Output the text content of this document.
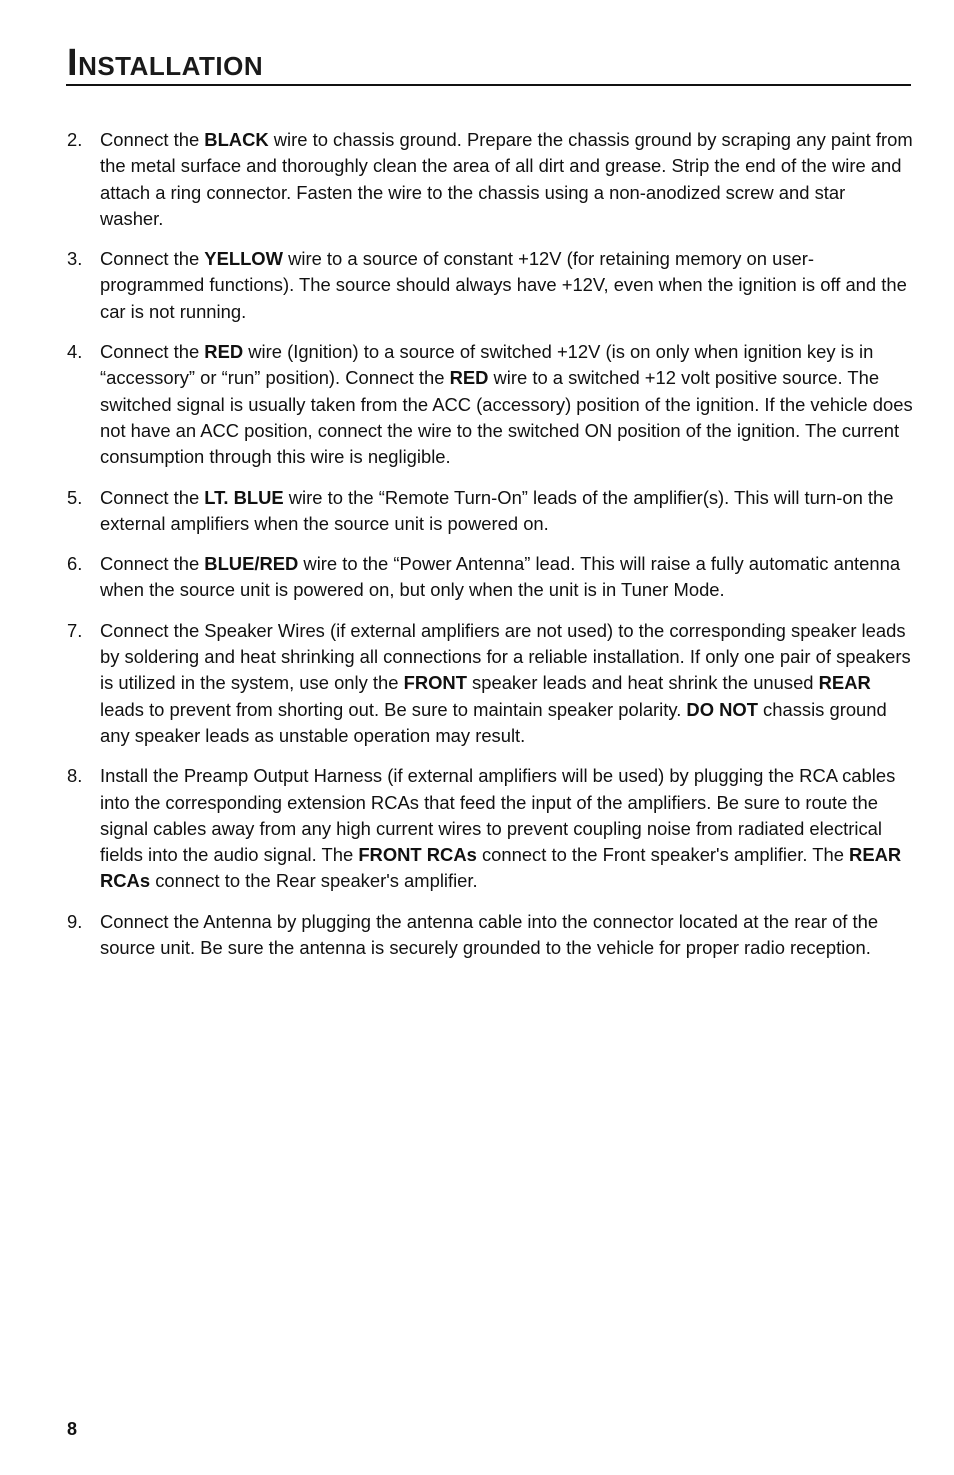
INSTALLATION
2. Connect the BLACK wire to chassis ground. Prepare the chassis ground by scraping any paint from the metal surface and thoroughly clean the area of all dirt and grease. Strip the end of the wire and attach a ring connector. Fasten the wire to the chassis using a non-anodized screw and star washer.
3. Connect the YELLOW wire to a source of constant +12V (for retaining memory on user-programmed functions). The source should always have +12V, even when the ignition is off and the car is not running.
4. Connect the RED wire (Ignition) to a source of switched +12V (is on only when ignition key is in “accessory” or “run” position). Connect the RED wire to a switched +12 volt positive source. The switched signal is usually taken from the ACC (accessory) position of the ignition. If the vehicle does not have an ACC position, connect the wire to the switched ON position of the ignition. The current consumption through this wire is negligible.
5. Connect the LT. BLUE wire to the “Remote Turn-On” leads of the amplifier(s). This will turn-on the external amplifiers when the source unit is powered on.
6. Connect the BLUE/RED wire to the “Power Antenna” lead. This will raise a fully automatic antenna when the source unit is powered on, but only when the unit is in Tuner Mode.
7. Connect the Speaker Wires (if external amplifiers are not used) to the corresponding speaker leads by soldering and heat shrinking all connections for a reliable installation. If only one pair of speakers is utilized in the system, use only the FRONT speaker leads and heat shrink the unused REAR leads to prevent from shorting out. Be sure to maintain speaker polarity. DO NOT chassis ground any speaker leads as unstable operation may result.
8. Install the Preamp Output Harness (if external amplifiers will be used) by plugging the RCA cables into the corresponding extension RCAs that feed the input of the amplifiers. Be sure to route the signal cables away from any high current wires to prevent coupling noise from radiated electrical fields into the audio signal. The FRONT RCAs connect to the Front speaker's amplifier. The REAR RCAs connect to the Rear speaker's amplifier.
9. Connect the Antenna by plugging the antenna cable into the connector located at the rear of the source unit. Be sure the antenna is securely grounded to the vehicle for proper radio reception.
8
